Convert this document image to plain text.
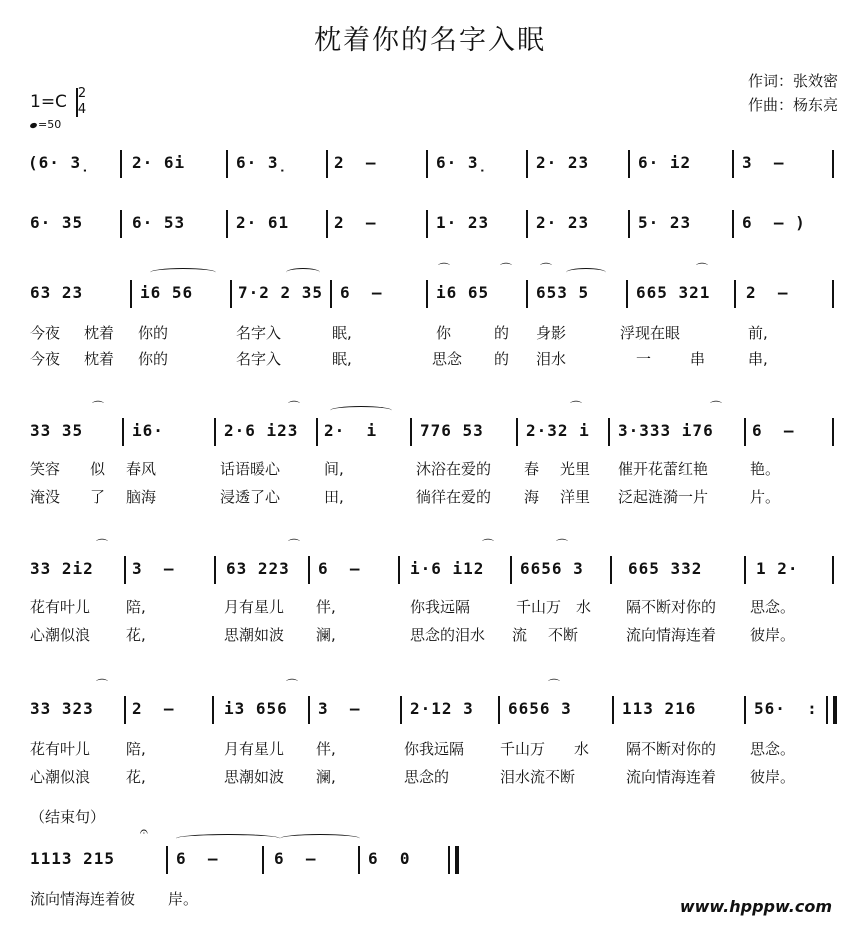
枕着你的名字入眠
作词：张效密
作曲：杨东亮
1=C 2
4
=50
(6· 3̣ 2· 6i	6· 3̣ 2  –	6· 3̣ 2· 23	6· i2	3  –
6· 35	6· 53	2· 61	2  –	1· 23	2· 23	5· 23	6  – )
⌒	⌒ ⌒	⌒
63 23	i6 56	7·2 2 35 6  –	i6 65	653 5	665 321 2  –
今夜 枕着 你的	名字入	眠,	你	的 身影	浮现在眼	前,
今夜 枕着 你的	名字入	眠,	思念 的 泪水	一	串	串,
⌒	⌒	⌒	⌒
33 35	i6·	2·6 i23 2·  i	776 53	2·32 i 3·333 i76 6  –
笑容 似 春风	话语暖心	间,	沐浴在爱的 春 光里 催开花蕾红艳	艳。
淹没 了 脑海	浸透了心	田,	徜徉在爱的 海 洋里 泛起涟漪一片	片。
⌒	⌒	⌒	⌒
33 2i2 3  –	63 223 6  –	i·6 i12 6656 3	665 332	1 2·
花有叶儿 陪,	月有星儿 伴,	你我远隔	千山万 水 隔不断对你的 思念。
心潮似浪 花,	思潮如波 澜,	思念的泪水 流 不断	流向情海连着 彼岸。
⌒	⌒	⌒
33 323 2  –	i3 656 3  –	2·12 3 6656 3	113 216	56·  :
花有叶儿 陪,	月有星儿 伴,	你我远隔 千山万 水 隔不断对你的 思念。
心潮似浪 花,	思潮如波 澜,	思念的	泪水流不断	流向情海连着 彼岸。
（结束句）
𝄐
1113 215	6  –	6  –	6  0
流向情海连着彼 岸。	www.hpppw.com
